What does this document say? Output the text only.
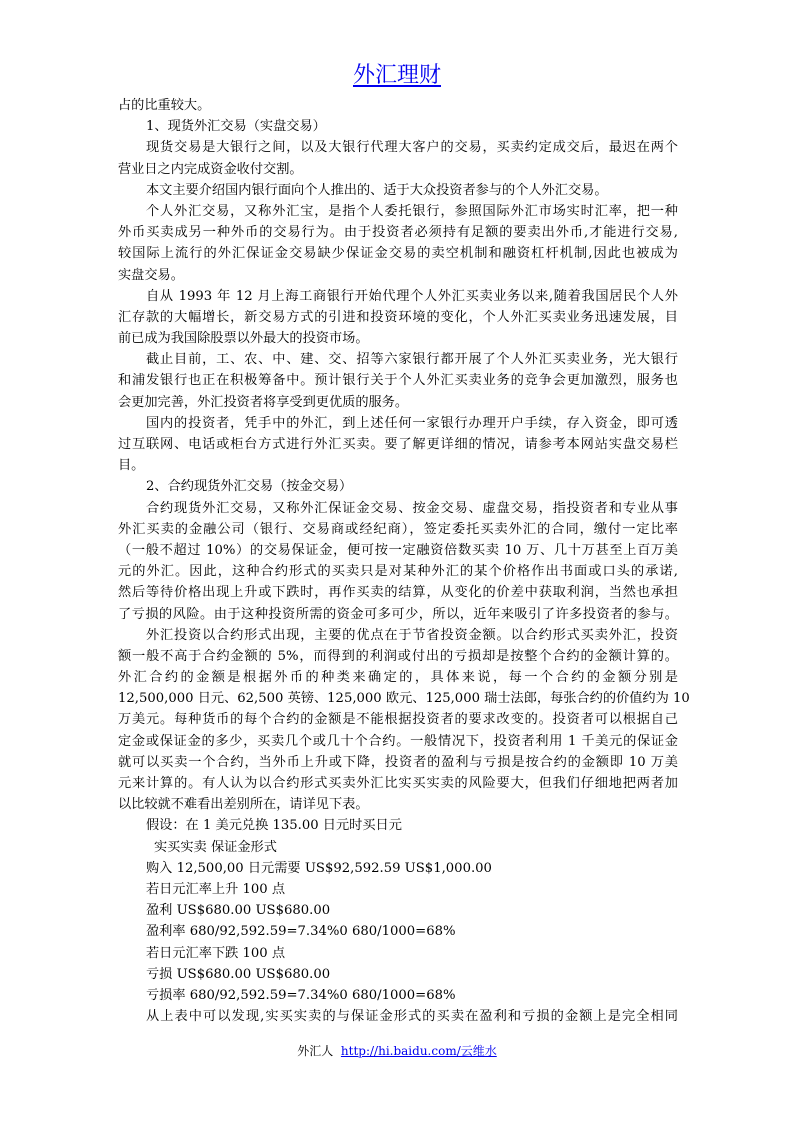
外汇理财
占的比重较大。
1、现货外汇交易（实盘交易）
现货交易是大银行之间，以及大银行代理大客户的交易，买卖约定成交后，最迟在两个
营业日之内完成资金收付交割。
本文主要介绍国内银行面向个人推出的、适于大众投资者参与的个人外汇交易。
个人外汇交易，又称外汇宝，是指个人委托银行，参照国际外汇市场实时汇率，把一种
外币买卖成另一种外币的交易行为。由于投资者必须持有足额的要卖出外币,才能进行交易,
较国际上流行的外汇保证金交易缺少保证金交易的卖空机制和融资杠杆机制,因此也被成为
实盘交易。
自从 1993 年 12 月上海工商银行开始代理个人外汇买卖业务以来,随着我国居民个人外
汇存款的大幅增长，新交易方式的引进和投资环境的变化，个人外汇买卖业务迅速发展，目
前已成为我国除股票以外最大的投资市场。
截止目前，工、农、中、建、交、招等六家银行都开展了个人外汇买卖业务，光大银行
和浦发银行也正在积极筹备中。预计银行关于个人外汇买卖业务的竞争会更加激烈，服务也
会更加完善，外汇投资者将享受到更优质的服务。
国内的投资者，凭手中的外汇，到上述任何一家银行办理开户手续，存入资金，即可透
过互联网、电话或柜台方式进行外汇买卖。要了解更详细的情况，请参考本网站实盘交易栏
目。
2、合约现货外汇交易（按金交易）
合约现货外汇交易，又称外汇保证金交易、按金交易、虚盘交易，指投资者和专业从事
外汇买卖的金融公司（银行、交易商或经纪商），签定委托买卖外汇的合同，缴付一定比率
（一般不超过 10%）的交易保证金，便可按一定融资倍数买卖 10 万、几十万甚至上百万美
元的外汇。因此，这种合约形式的买卖只是对某种外汇的某个价格作出书面或口头的承诺,
然后等待价格出现上升或下跌时，再作买卖的结算，从变化的价差中获取利润，当然也承担
了亏损的风险。由于这种投资所需的资金可多可少，所以，近年来吸引了许多投资者的参与。
外汇投资以合约形式出现，主要的优点在于节省投资金额。以合约形式买卖外汇，投资
额一般不高于合约金额的 5%，而得到的利润或付出的亏损却是按整个合约的金额计算的。
外汇合约的金额是根据外币的种类来确定的，具体来说，每一个合约的金额分别是
12,500,000 日元、62,500 英镑、125,000 欧元、125,000 瑞士法郎，每张合约的价值约为 10
万美元。每种货币的每个合约的金额是不能根据投资者的要求改变的。投资者可以根据自己
定金或保证金的多少，买卖几个或几十个合约。一般情况下，投资者利用 1 千美元的保证金
就可以买卖一个合约，当外币上升或下降，投资者的盈利与亏损是按合约的金额即 10 万美
元来计算的。有人认为以合约形式买卖外汇比实买实卖的风险要大，但我们仔细地把两者加
以比较就不难看出差别所在，请详见下表。
假设：在 1 美元兑换 135.00 日元时买日元
实买实卖 保证金形式
购入 12,500,00 日元需要 US$92,592.59 US$1,000.00
若日元汇率上升 100 点
盈利 US$680.00 US$680.00
盈利率 680/92,592.59=7.34%0 680/1000=68%
若日元汇率下跌 100 点
亏损 US$680.00 US$680.00
亏损率 680/92,592.59=7.34%0 680/1000=68%
从上表中可以发现,实买实卖的与保证金形式的买卖在盈利和亏损的金额上是完全相同
外汇人 http://hi.baidu.com/云维水
